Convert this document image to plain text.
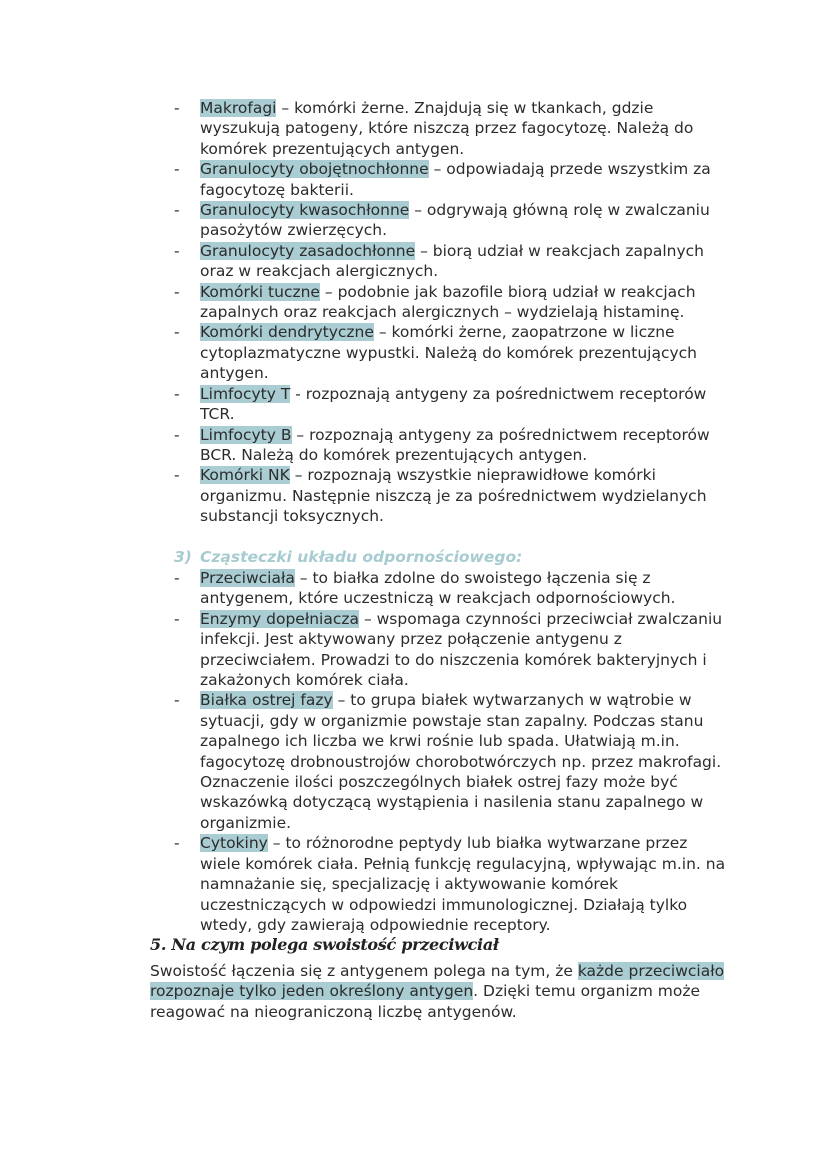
- Makrofagi – komórki żerne. Znajdują się w tkankach, gdzie wyszukują patogeny, które niszczą przez fagocytozę. Należą do komórek prezentujących antygen.
- Granulocyty obojętnochłonne – odpowiadają przede wszystkim za fagocytozę bakterii.
- Granulocyty kwasochłonne – odgrywają główną rolę w zwalczaniu pasożytów zwierzęcych.
- Granulocyty zasadochłonne – biorą udział w reakcjach zapalnych oraz w reakcjach alergicznych.
- Komórki tuczne – podobnie jak bazofile biorą udział w reakcjach zapalnych oraz reakcjach alergicznych – wydzielają histaminę.
- Komórki dendrytyczne – komórki żerne, zaopatrzone w liczne cytoplazmatyczne wypustki. Należą do komórek prezentujących antygen.
- Limfocyty T - rozpoznają antygeny za pośrednictwem receptorów TCR.
- Limfocyty B – rozpoznają antygeny za pośrednictwem receptorów BCR. Należą do komórek prezentujących antygen.
- Komórki NK – rozpoznają wszystkie nieprawidłowe komórki organizmu. Następnie niszczą je za pośrednictwem wydzielanych substancji toksycznych.
3) Cząsteczki układu odpornościowego:
- Przeciwciała – to białka zdolne do swoistego łączenia się z antygenem, które uczestniczą w reakcjach odpornościowych.
- Enzymy dopełniacza – wspomaga czynności przeciwciał zwalczaniu infekcji. Jest aktywowany przez połączenie antygenu z przeciwciałem. Prowadzi to do niszczenia komórek bakteryjnych i zakażonych komórek ciała.
- Białka ostrej fazy – to grupa białek wytwarzanych w wątrobie w sytuacji, gdy w organizmie powstaje stan zapalny. Podczas stanu zapalnego ich liczba we krwi rośnie lub spada. Ułatwiają m.in. fagocytozę drobnoustrojów chorobotwórczych np. przez makrofagi. Oznaczenie ilości poszczególnych białek ostrej fazy może być wskazówką dotyczącą wystąpienia i nasilenia stanu zapalnego w organizmie.
- Cytokiny – to różnorodne peptydy lub białka wytwarzane przez wiele komórek ciała. Pełnią funkcję regulacyjną, wpływając m.in. na namnażanie się, specjalizację i aktywowanie komórek uczestniczących w odpowiedzi immunologicznej. Działają tylko wtedy, gdy zawierają odpowiednie receptory.
5. Na czym polega swoistość przeciwciał

Swoistość łączenia się z antygenem polega na tym, że każde przeciwciało rozpoznaje tylko jeden określony antygen. Dzięki temu organizm może reagować na nieograniczoną liczbę antygenów.
